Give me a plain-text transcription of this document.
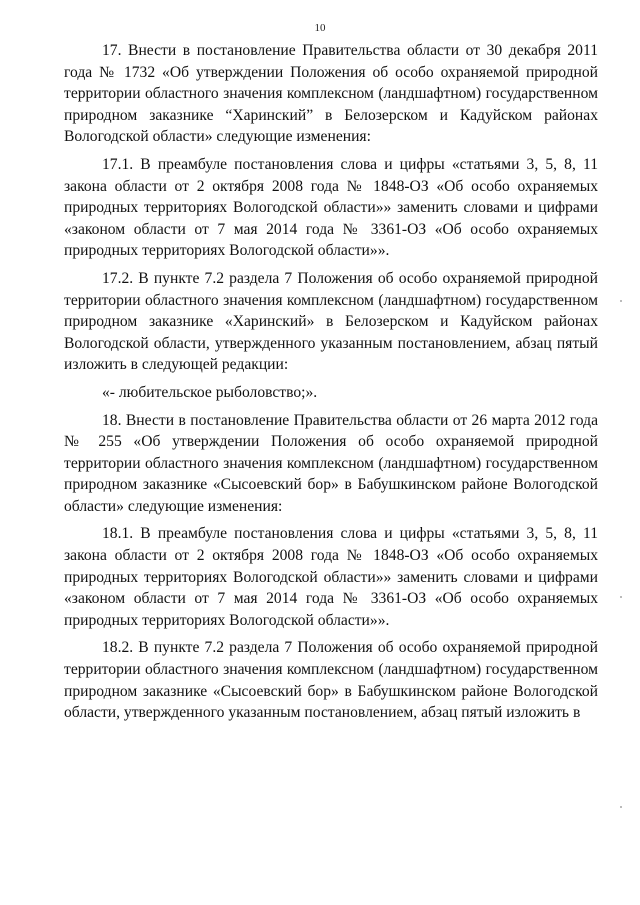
10

17. Внести в постановление Правительства области от 30 декабря 2011 года № 1732 «Об утверждении Положения об особо охраняемой природной территории областного значения комплексном (ландшафтном) государственном природном заказнике “Харинский” в Белозерском и Кадуйском районах Вологодской области» следующие изменения:

17.1. В преамбуле постановления слова и цифры «статьями 3, 5, 8, 11 закона области от 2 октября 2008 года № 1848-ОЗ «Об особо охраняемых природных территориях Вологодской области»» заменить словами и цифрами «законом области от 7 мая 2014 года № 3361-ОЗ «Об особо охраняемых природных территориях Вологодской области»».

17.2. В пункте 7.2 раздела 7 Положения об особо охраняемой природной территории областного значения комплексном (ландшафтном) государственном природном заказнике «Харинский» в Белозерском и Кадуйском районах Вологодской области, утвержденного указанным постановлением, абзац пятый изложить в следующей редакции:

«- любительское рыболовство;».

18. Внести в постановление Правительства области от 26 марта 2012 года № 255 «Об утверждении Положения об особо охраняемой природной территории областного значения комплексном (ландшафтном) государственном природном заказнике «Сысоевский бор» в Бабушкинском районе Вологодской области» следующие изменения:

18.1. В преамбуле постановления слова и цифры «статьями 3, 5, 8, 11 закона области от 2 октября 2008 года № 1848-ОЗ «Об особо охраняемых природных территориях Вологодской области»» заменить словами и цифрами «законом области от 7 мая 2014 года № 3361-ОЗ «Об особо охраняемых природных территориях Вологодской области»».

18.2. В пункте 7.2 раздела 7 Положения об особо охраняемой природной территории областного значения комплексном (ландшафтном) государственном природном заказнике «Сысоевский бор» в Бабушкинском районе Вологодской области, утвержденного указанным постановлением, абзац пятый изложить в
